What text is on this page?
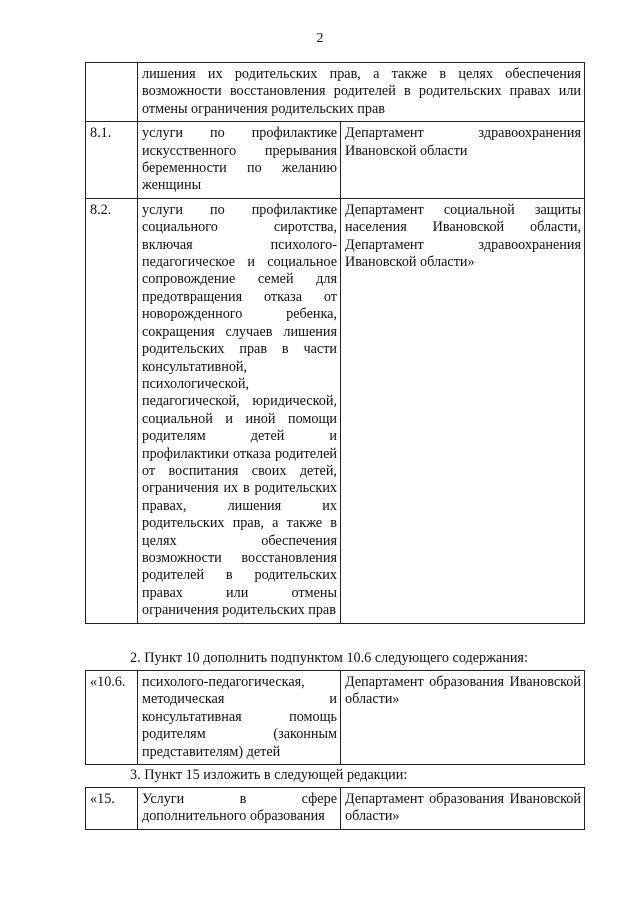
2
	лишения их родительских прав, а также в целях обеспечения возможности восстановления родителей в родительских правах или отмены ограничения родительских прав	
8.1.	услуги по профилактике искусственного прерывания беременности по желанию женщины	Департамент здравоохранения Ивановской области
8.2.	услуги по профилактике социального сиротства, включая психолого-педагогическое и социальное сопровождение семей для предотвращения отказа от новорожденного ребенка, сокращения случаев лишения родительских прав в части консультативной, психологической, педагогической, юридической, социальной и иной помощи родителям детей и профилактики отказа родителей от воспитания своих детей, ограничения их в родительских правах, лишения их родительских прав, а также в целях обеспечения возможности восстановления родителей в родительских правах или отмены ограничения родительских прав	Департамент социальной защиты населения Ивановской области, Департамент здравоохранения Ивановской области»
2. Пункт 10 дополнить подпунктом 10.6 следующего содержания:
«10.6.	психолого-педагогическая, методическая и консультативная помощь родителям (законным представителям) детей	Департамент образования Ивановской области»
3. Пункт 15 изложить в следующей редакции:
«15.	Услуги в сфере дополнительного образования	Департамент образования Ивановской области»
